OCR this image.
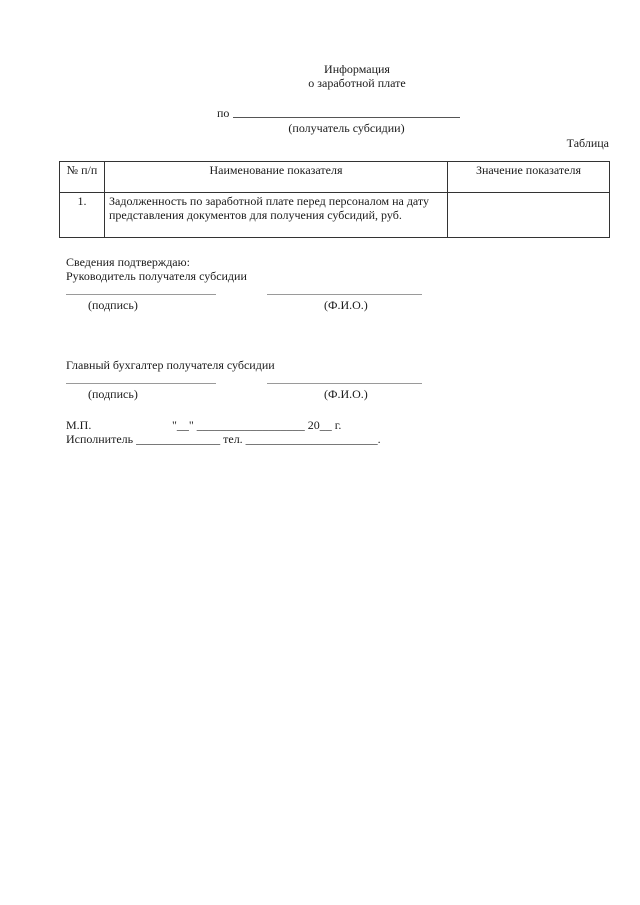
Информация
о заработной плате
по
(получатель субсидии)
Таблица
№ п/п	Наименование показателя	Значение показателя
1.	Задолженность по заработной плате перед персоналом на дату представления документов для получения субсидий, руб.	
Сведения подтверждаю:
Руководитель получателя субсидии
(подпись)	(Ф.И.О.)
Главный бухгалтер получателя субсидии
(подпись)	(Ф.И.О.)
М.П.	"__" __________________ 20__ г.
Исполнитель ______________ тел. ______________________.
